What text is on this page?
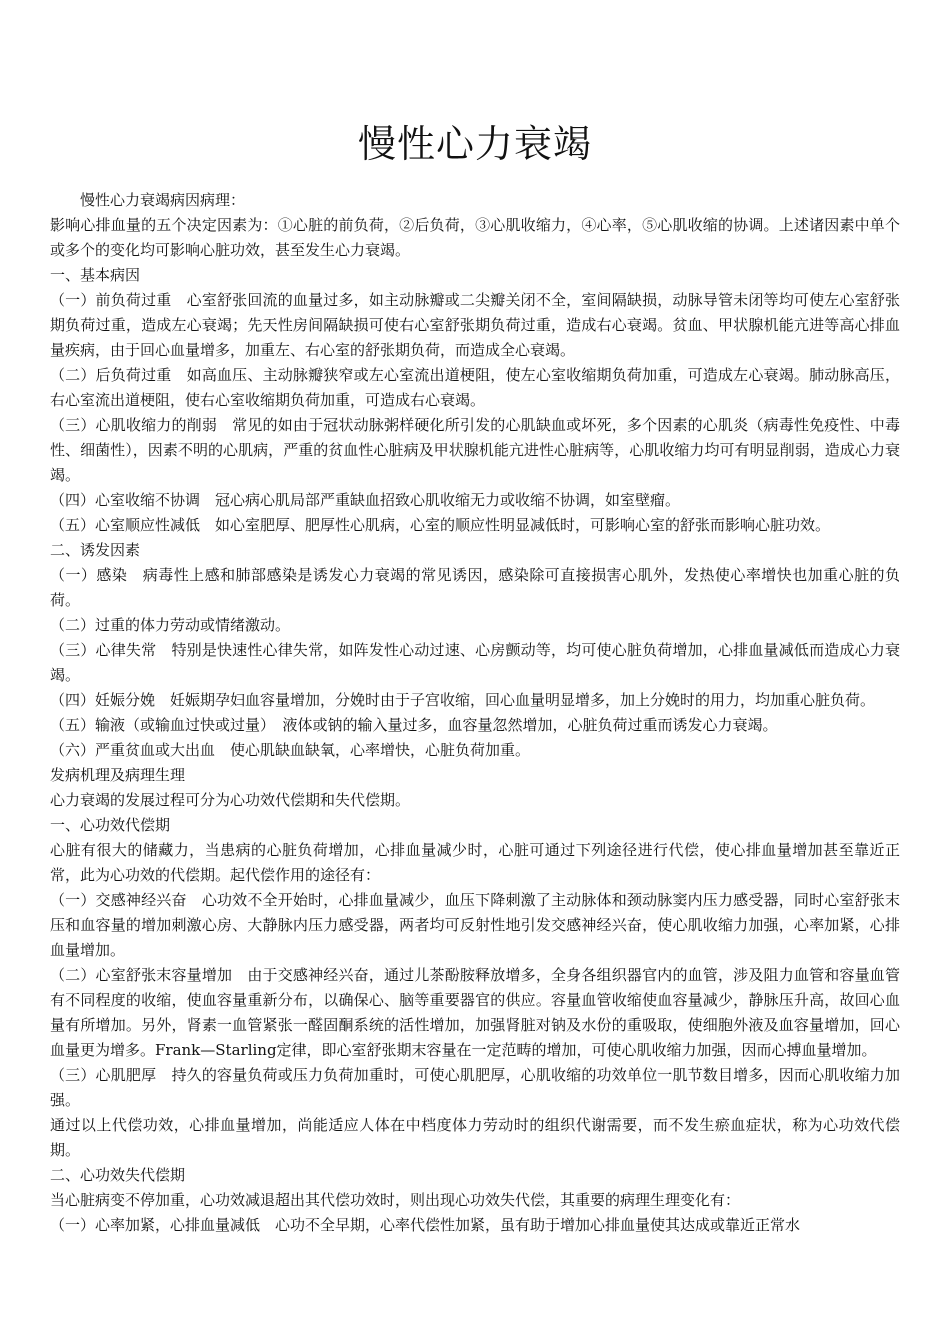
慢性心力衰竭

慢性心力衰竭病因病理：

影响心排血量的五个决定因素为：①心脏的前负荷，②后负荷，③心肌收缩力，④心率，⑤心肌收缩的协调。上述诸因素中单个或多个的变化均可影响心脏功效，甚至发生心力衰竭。

一、基本病因

（一）前负荷过重　心室舒张回流的血量过多，如主动脉瓣或二尖瓣关闭不全，室间隔缺损，动脉导管未闭等均可使左心室舒张期负荷过重，造成左心衰竭；先天性房间隔缺损可使右心室舒张期负荷过重，造成右心衰竭。贫血、甲状腺机能亢进等高心排血量疾病，由于回心血量增多，加重左、右心室的舒张期负荷，而造成全心衰竭。

（二）后负荷过重　如高血压、主动脉瓣狭窄或左心室流出道梗阻，使左心室收缩期负荷加重，可造成左心衰竭。肺动脉高压，右心室流出道梗阻，使右心室收缩期负荷加重，可造成右心衰竭。

（三）心肌收缩力的削弱　常见的如由于冠状动脉粥样硬化所引发的心肌缺血或坏死，多个因素的心肌炎（病毒性免疫性、中毒性、细菌性），因素不明的心肌病，严重的贫血性心脏病及甲状腺机能亢进性心脏病等，心肌收缩力均可有明显削弱，造成心力衰竭。

（四）心室收缩不协调　冠心病心肌局部严重缺血招致心肌收缩无力或收缩不协调，如室壁瘤。

（五）心室顺应性减低　如心室肥厚、肥厚性心肌病，心室的顺应性明显减低时，可影响心室的舒张而影响心脏功效。

二、诱发因素

（一）感染　病毒性上感和肺部感染是诱发心力衰竭的常见诱因，感染除可直接损害心肌外，发热使心率增快也加重心脏的负荷。

（二）过重的体力劳动或情绪激动。

（三）心律失常　特别是快速性心律失常，如阵发性心动过速、心房颤动等，均可使心脏负荷增加，心排血量减低而造成心力衰竭。

（四）妊娠分娩　妊娠期孕妇血容量增加，分娩时由于子宫收缩，回心血量明显增多，加上分娩时的用力，均加重心脏负荷。

（五）输液（或输血过快或过量）　液体或钠的输入量过多，血容量忽然增加，心脏负荷过重而诱发心力衰竭。

（六）严重贫血或大出血　使心肌缺血缺氧，心率增快，心脏负荷加重。

发病机理及病理生理

心力衰竭的发展过程可分为心功效代偿期和失代偿期。

一、心功效代偿期

心脏有很大的储藏力，当患病的心脏负荷增加，心排血量减少时，心脏可通过下列途径进行代偿，使心排血量增加甚至靠近正常，此为心功效的代偿期。起代偿作用的途径有：

（一）交感神经兴奋　心功效不全开始时，心排血量减少，血压下降刺激了主动脉体和颈动脉窦内压力感受器，同时心室舒张末压和血容量的增加刺激心房、大静脉内压力感受器，两者均可反射性地引发交感神经兴奋，使心肌收缩力加强，心率加紧，心排血量增加。

（二）心室舒张末容量增加　由于交感神经兴奋，通过儿茶酚胺释放增多，全身各组织器官内的血管，涉及阻力血管和容量血管有不同程度的收缩，使血容量重新分布，以确保心、脑等重要器官的供应。容量血管收缩使血容量减少，静脉压升高，故回心血量有所增加。另外，肾素一血管紧张一醛固酮系统的活性增加，加强肾脏对钠及水份的重吸取，使细胞外液及血容量增加，回心血量更为增多。Frank—Starling定律，即心室舒张期末容量在一定范畴的增加，可使心肌收缩力加强，因而心搏血量增加。

（三）心肌肥厚　持久的容量负荷或压力负荷加重时，可使心肌肥厚，心肌收缩的功效单位一肌节数目增多，因而心肌收缩力加强。

通过以上代偿功效，心排血量增加，尚能适应人体在中档度体力劳动时的组织代谢需要，而不发生瘀血症状，称为心功效代偿期。

二、心功效失代偿期

当心脏病变不停加重，心功效减退超出其代偿功效时，则出现心功效失代偿，其重要的病理生理变化有：

（一）心率加紧，心排血量减低　心功不全早期，心率代偿性加紧，虽有助于增加心排血量使其达成或靠近正常水
